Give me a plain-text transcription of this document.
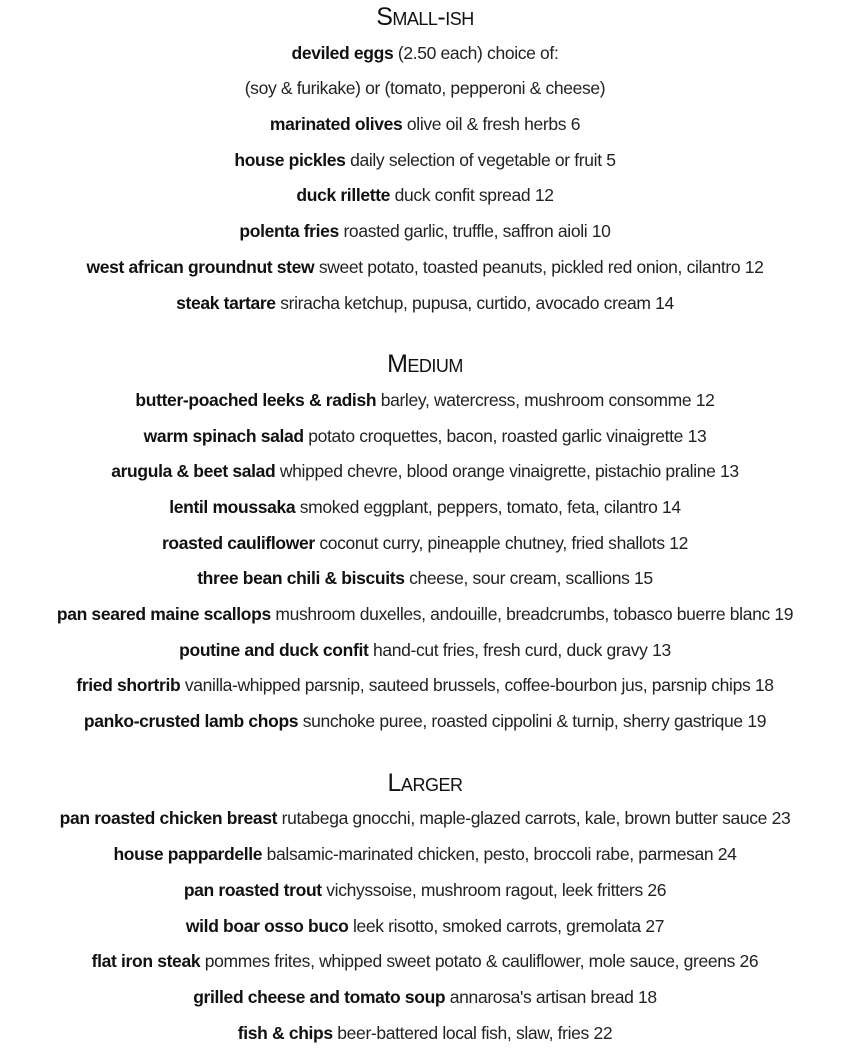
Small-ish
deviled eggs (2.50 each) choice of:
(soy & furikake) or (tomato, pepperoni & cheese)
marinated olives olive oil & fresh herbs 6
house pickles daily selection of vegetable or fruit 5
duck rillette duck confit spread 12
polenta fries roasted garlic, truffle, saffron aioli 10
west african groundnut stew sweet potato, toasted peanuts, pickled red onion, cilantro 12
steak tartare sriracha ketchup, pupusa, curtido, avocado cream 14
Medium
butter-poached leeks & radish barley, watercress, mushroom consomme 12
warm spinach salad potato croquettes, bacon, roasted garlic vinaigrette 13
arugula & beet salad whipped chevre, blood orange vinaigrette, pistachio praline 13
lentil moussaka smoked eggplant, peppers, tomato, feta, cilantro 14
roasted cauliflower coconut curry, pineapple chutney, fried shallots 12
three bean chili & biscuits cheese, sour cream, scallions 15
pan seared maine scallops mushroom duxelles, andouille, breadcrumbs, tobasco buerre blanc 19
poutine and duck confit hand-cut fries, fresh curd, duck gravy 13
fried shortrib vanilla-whipped parsnip, sauteed brussels, coffee-bourbon jus, parsnip chips 18
panko-crusted lamb chops sunchoke puree, roasted cippolini & turnip, sherry gastrique 19
Larger
pan roasted chicken breast rutabega gnocchi, maple-glazed carrots, kale, brown butter sauce 23
house pappardelle balsamic-marinated chicken, pesto, broccoli rabe, parmesan 24
pan roasted trout vichyssoise, mushroom ragout, leek fritters 26
wild boar osso buco leek risotto, smoked carrots, gremolata 27
flat iron steak pommes frites, whipped sweet potato & cauliflower, mole sauce, greens 26
grilled cheese and tomato soup annarosa's artisan bread 18
fish & chips beer-battered local fish, slaw, fries 22
